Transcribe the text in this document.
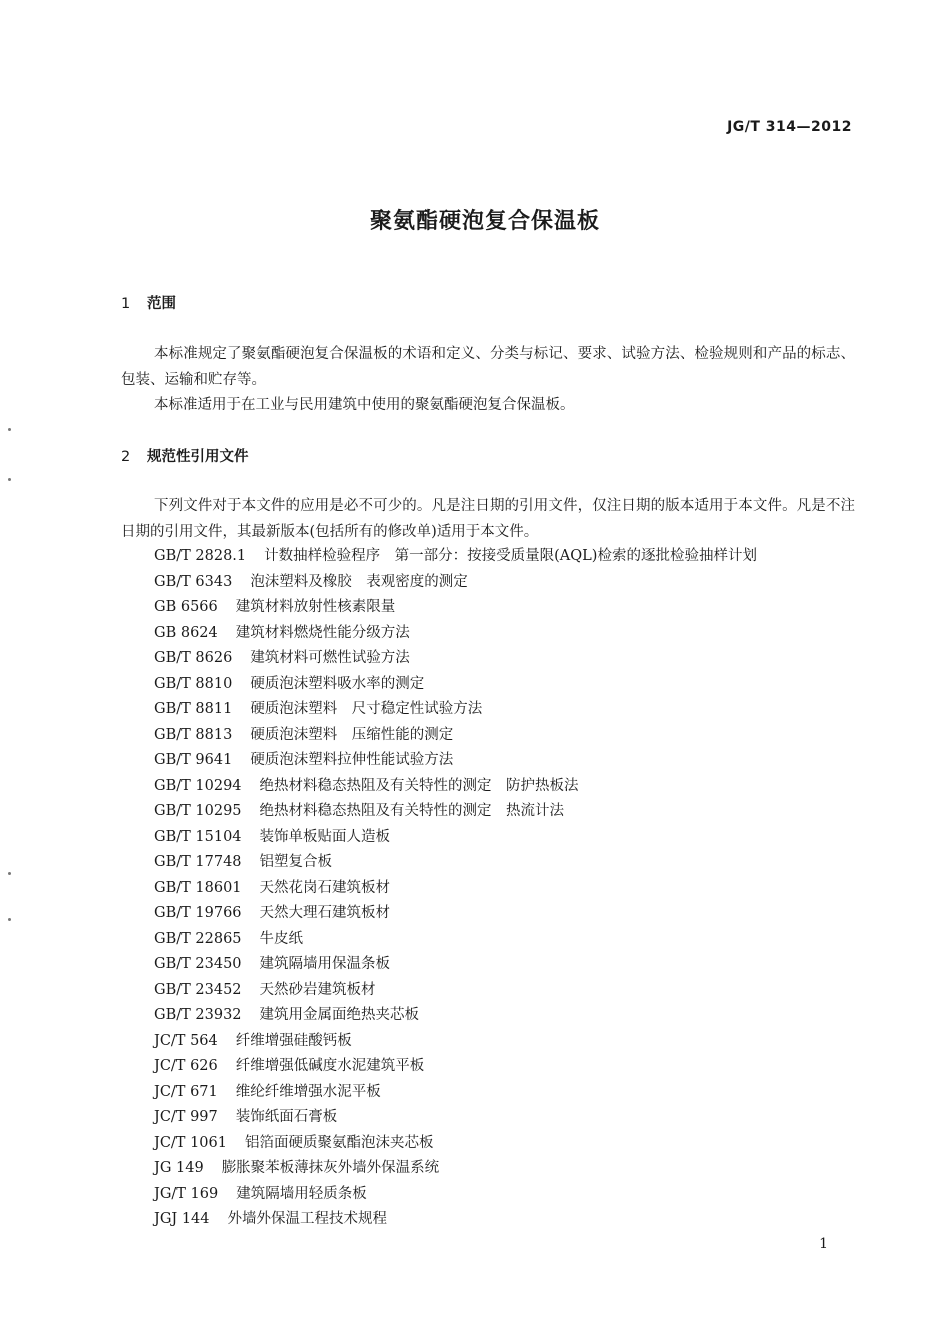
JG/T 314—2012
聚氨酯硬泡复合保温板
1 范围

本标准规定了聚氨酯硬泡复合保温板的术语和定义、分类与标记、要求、试验方法、检验规则和产品的标志、包装、运输和贮存等。

本标准适用于在工业与民用建筑中使用的聚氨酯硬泡复合保温板。

2 规范性引用文件

下列文件对于本文件的应用是必不可少的。凡是注日期的引用文件，仅注日期的版本适用于本文件。凡是不注日期的引用文件，其最新版本(包括所有的修改单)适用于本文件。

GB/T 2828.1 计数抽样检验程序　第一部分：按接受质量限(AQL)检索的逐批检验抽样计划
GB/T 6343 泡沫塑料及橡胶　表观密度的测定
GB 6566 建筑材料放射性核素限量
GB 8624 建筑材料燃烧性能分级方法
GB/T 8626 建筑材料可燃性试验方法
GB/T 8810 硬质泡沫塑料吸水率的测定
GB/T 8811 硬质泡沫塑料　尺寸稳定性试验方法
GB/T 8813 硬质泡沫塑料　压缩性能的测定
GB/T 9641 硬质泡沫塑料拉伸性能试验方法
GB/T 10294 绝热材料稳态热阻及有关特性的测定　防护热板法
GB/T 10295 绝热材料稳态热阻及有关特性的测定　热流计法
GB/T 15104 装饰单板贴面人造板
GB/T 17748 铝塑复合板
GB/T 18601 天然花岗石建筑板材
GB/T 19766 天然大理石建筑板材
GB/T 22865 牛皮纸
GB/T 23450 建筑隔墙用保温条板
GB/T 23452 天然砂岩建筑板材
GB/T 23932 建筑用金属面绝热夹芯板
JC/T 564 纤维增强硅酸钙板
JC/T 626 纤维增强低碱度水泥建筑平板
JC/T 671 维纶纤维增强水泥平板
JC/T 997 装饰纸面石膏板
JC/T 1061 铝箔面硬质聚氨酯泡沫夹芯板
JG 149 膨胀聚苯板薄抹灰外墙外保温系统
JG/T 169 建筑隔墙用轻质条板
JGJ 144 外墙外保温工程技术规程
1
